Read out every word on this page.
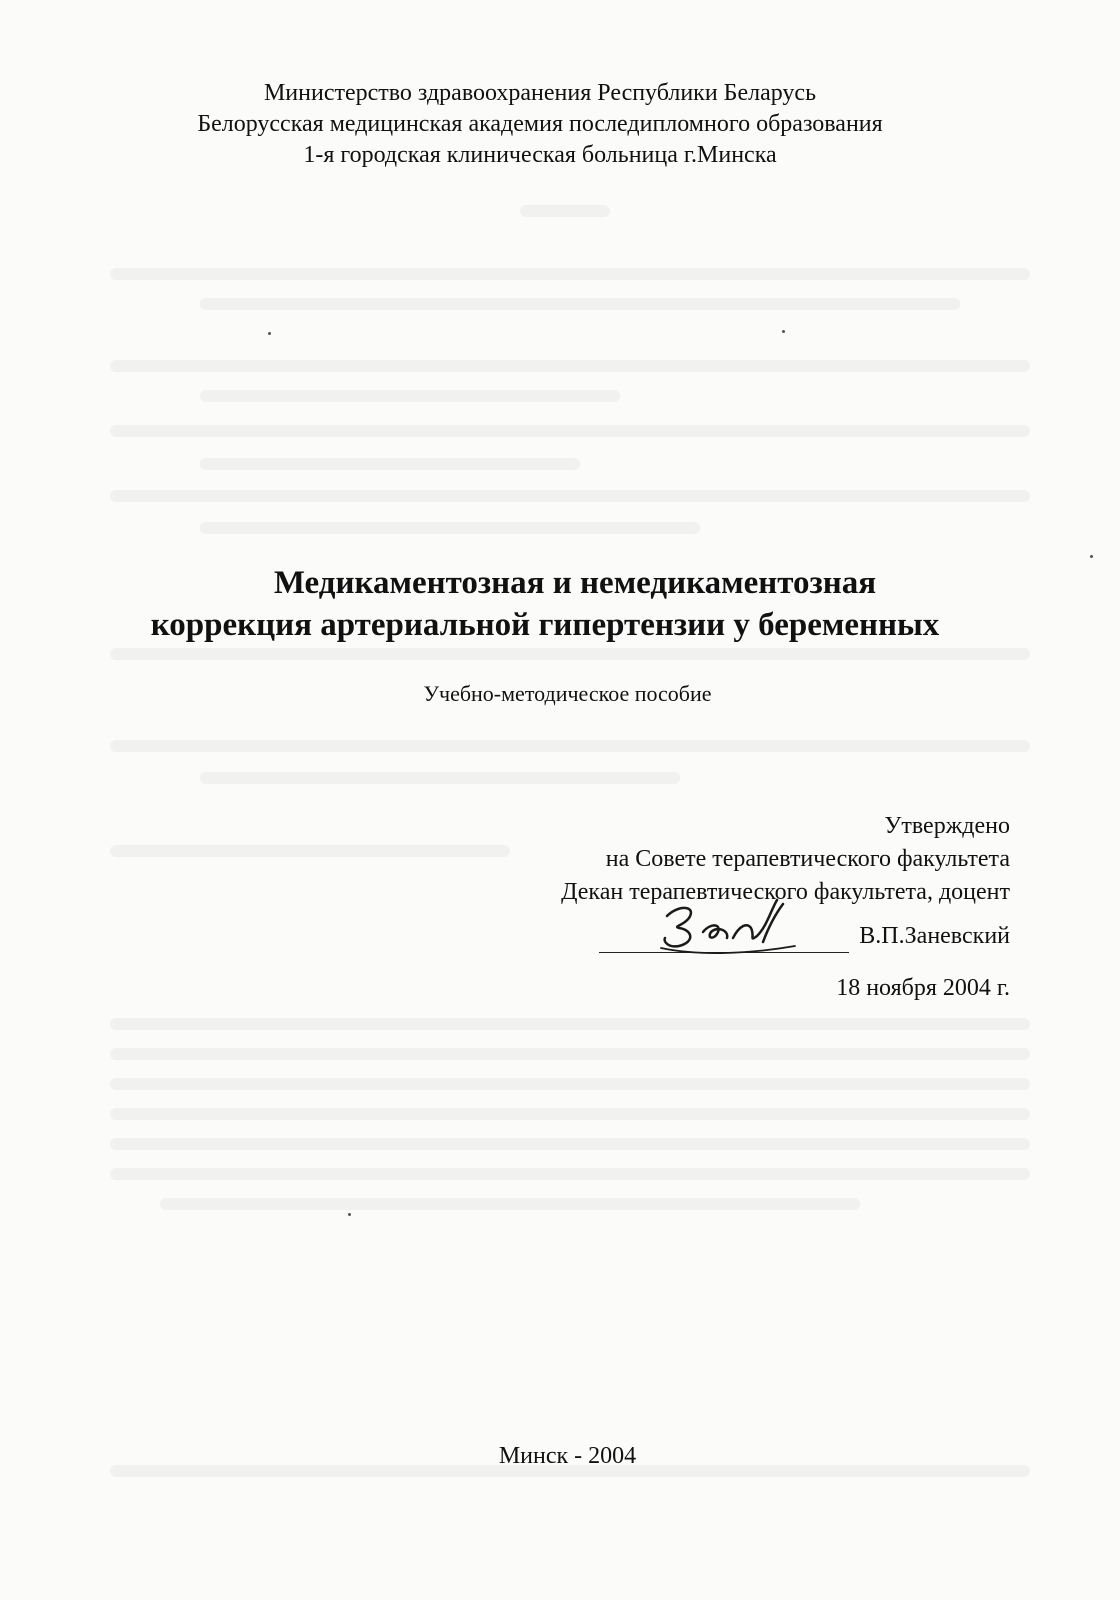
Министерство здравоохранения Республики Беларусь
Белорусская медицинская академия последипломного образования
1-я городская клиническая больница г.Минска
Медикаментозная и немедикаментозная
коррекция артериальной гипертензии у беременных
Учебно-методическое пособие
Утверждено
на Совете терапевтического факультета
Декан терапевтического факультета, доцент
В.П.Заневский
18 ноября 2004 г.
Минск - 2004
